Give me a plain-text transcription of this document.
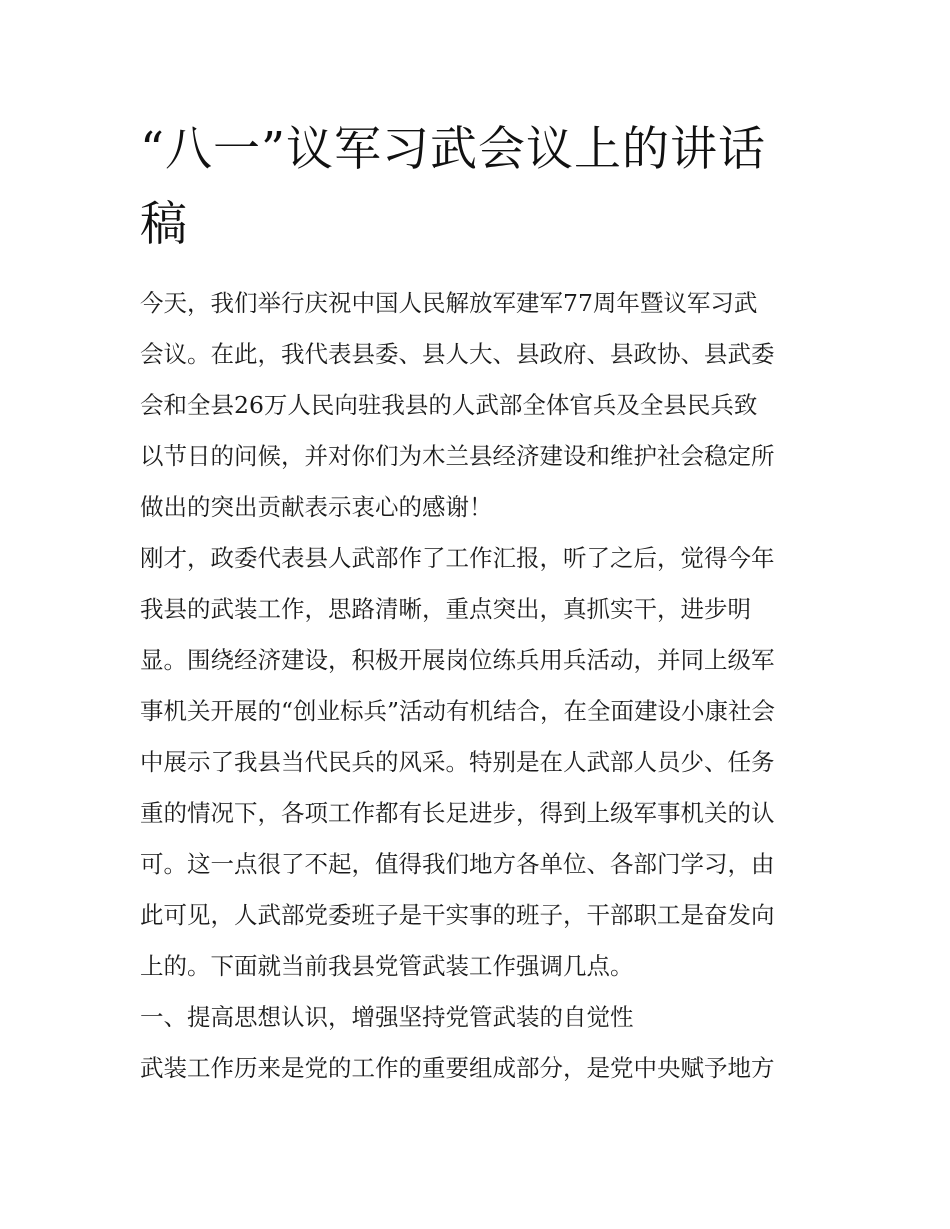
“八一”议军习武会议上的讲话
稿
今天，我们举行庆祝中国人民解放军建军77周年暨议军习武
会议。在此，我代表县委、县人大、县政府、县政协、县武委
会和全县26万人民向驻我县的人武部全体官兵及全县民兵致
以节日的问候，并对你们为木兰县经济建设和维护社会稳定所
做出的突出贡献表示衷心的感谢！
刚才，政委代表县人武部作了工作汇报，听了之后，觉得今年
我县的武装工作，思路清晰，重点突出，真抓实干，进步明
显。围绕经济建设，积极开展岗位练兵用兵活动，并同上级军
事机关开展的“创业标兵”活动有机结合，在全面建设小康社会
中展示了我县当代民兵的风采。特别是在人武部人员少、任务
重的情况下，各项工作都有长足进步，得到上级军事机关的认
可。这一点很了不起，值得我们地方各单位、各部门学习，由
此可见，人武部党委班子是干实事的班子，干部职工是奋发向
上的。下面就当前我县党管武装工作强调几点。
一、提高思想认识，增强坚持党管武装的自觉性
武装工作历来是党的工作的重要组成部分，是党中央赋予地方
